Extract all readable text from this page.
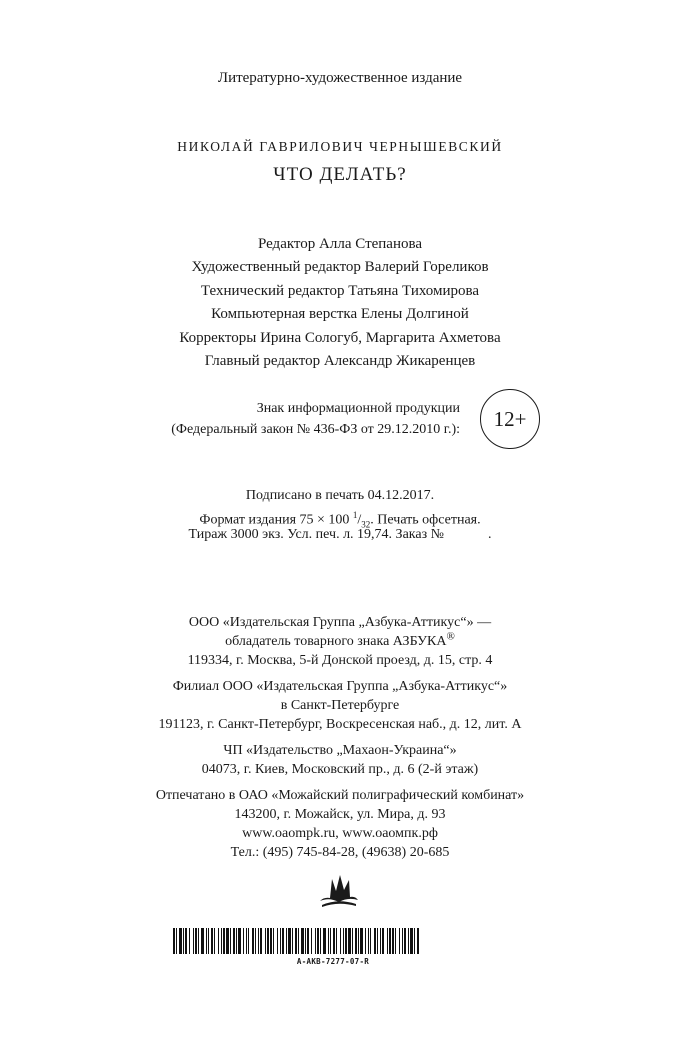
Литературно-художественное издание
НИКОЛАЙ ГАВРИЛОВИЧ ЧЕРНЫШЕВСКИЙ
ЧТО ДЕЛАТЬ?
Редактор Алла Степанова
Художественный редактор Валерий Гореликов
Технический редактор Татьяна Тихомирова
Компьютерная верстка Елены Долгиной
Корректоры Ирина Сологуб, Маргарита Ахметова
Главный редактор Александр Жикаренцев
Знак информационной продукции
(Федеральный закон № 436-ФЗ от 29.12.2010 г.): 12+
Подписано в печать 04.12.2017.
Формат издания 75 × 100 $^1/_{32}$. Печать офсетная.
Тираж 3000 экз. Усл. печ. л. 19,74. Заказ №	.
ООО «Издательская Группа „Азбука-Аттикус“» —
обладатель товарного знака АЗБУКА®
119334, г. Москва, 5-й Донской проезд, д. 15, стр. 4
Филиал ООО «Издательская Группа „Азбука-Аттикус“»
в Санкт-Петербурге
191123, г. Санкт-Петербург, Воскресенская наб., д. 12, лит. А
ЧП «Издательство „Махаон-Украина“»
04073, г. Киев, Московский пр., д. 6 (2-й этаж)
Отпечатано в ОАО «Можайский полиграфический комбинат»
143200, г. Можайск, ул. Мира, д. 93
www.oaompk.ru, www.оаомпк.рф
Тел.: (495) 745-84-28, (49638) 20-685
A-AKB-7277-07-R
